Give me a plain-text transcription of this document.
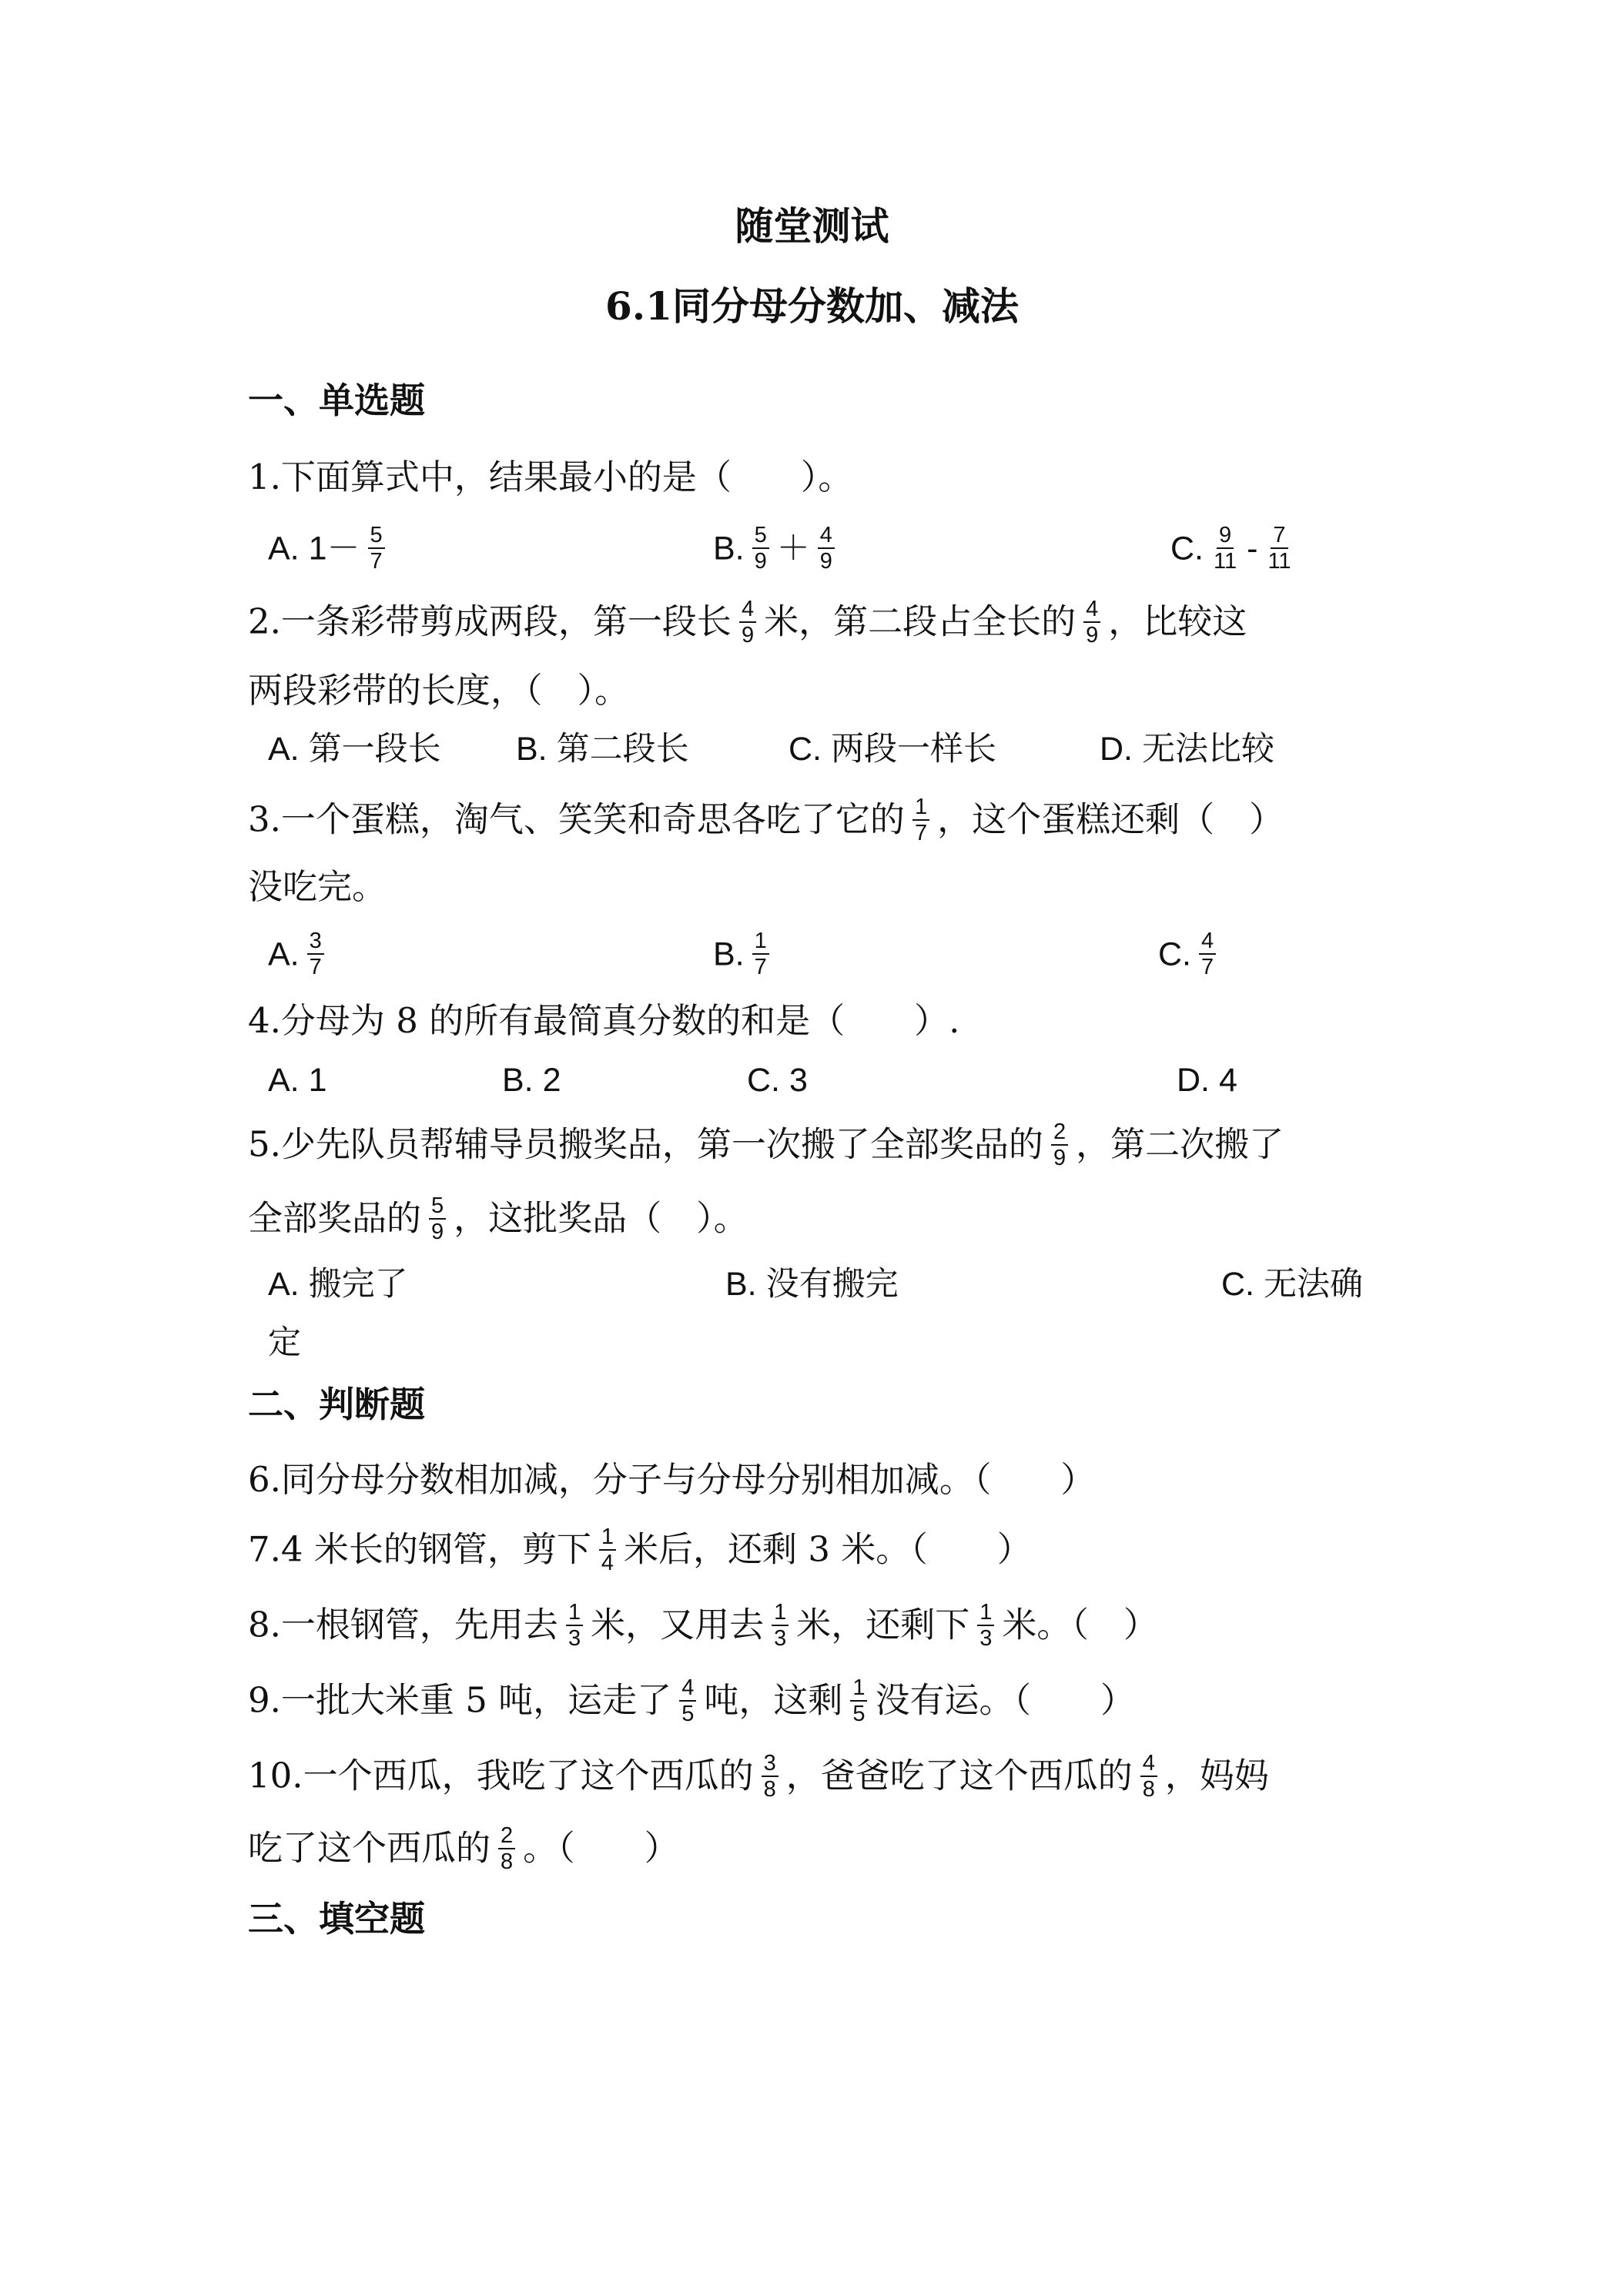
随堂测试
6.1同分母分数加、减法
一、单选题
1.下面算式中，结果最小的是（　　）。
A. $1- \frac{5}{7}$	B. $\frac{5}{9} + \frac{4}{9}$	C. $\frac{9}{11} - \frac{7}{11}$
2.一条彩带剪成两段，第一段长 $\frac{4}{9}$ 米，第二段占全长的 $\frac{4}{9}$ ，比较这
两段彩带的长度，（　）。
A. 第一段长 B. 第二段长	C. 两段一样长	D. 无法比较
3.一个蛋糕，淘气、笑笑和奇思各吃了它的 $\frac{1}{7}$ ，这个蛋糕还剩（　）
没吃完。
A. $\frac{3}{7}$	B. $\frac{1}{7}$	C. $\frac{4}{7}$
4.分母为 8 的所有最简真分数的和是（　　）.
A. 1	B. 2	C. 3	D. 4
5.少先队员帮辅导员搬奖品，第一次搬了全部奖品的 $\frac{2}{9}$ ，第二次搬了
全部奖品的 $\frac{5}{9}$ ，这批奖品（　）。
A. 搬完了	B. 没有搬完	C. 无法确
定
二、判断题
6.同分母分数相加减，分子与分母分别相加减。（　　）
7.4 米长的钢管，剪下 $\frac{1}{4}$ 米后，还剩 3 米。（　　）
8.一根钢管，先用去 $\frac{1}{3}$ 米，又用去 $\frac{1}{3}$ 米，还剩下 $\frac{1}{3}$ 米。（　）
9.一批大米重 5 吨，运走了 $\frac{4}{5}$ 吨，这剩 $\frac{1}{5}$ 没有运。（　　）
10.一个西瓜，我吃了这个西瓜的 $\frac{3}{8}$ ，爸爸吃了这个西瓜的 $\frac{4}{8}$ ，妈妈
吃了这个西瓜的 $\frac{2}{8}$ 。（　　）
三、填空题
